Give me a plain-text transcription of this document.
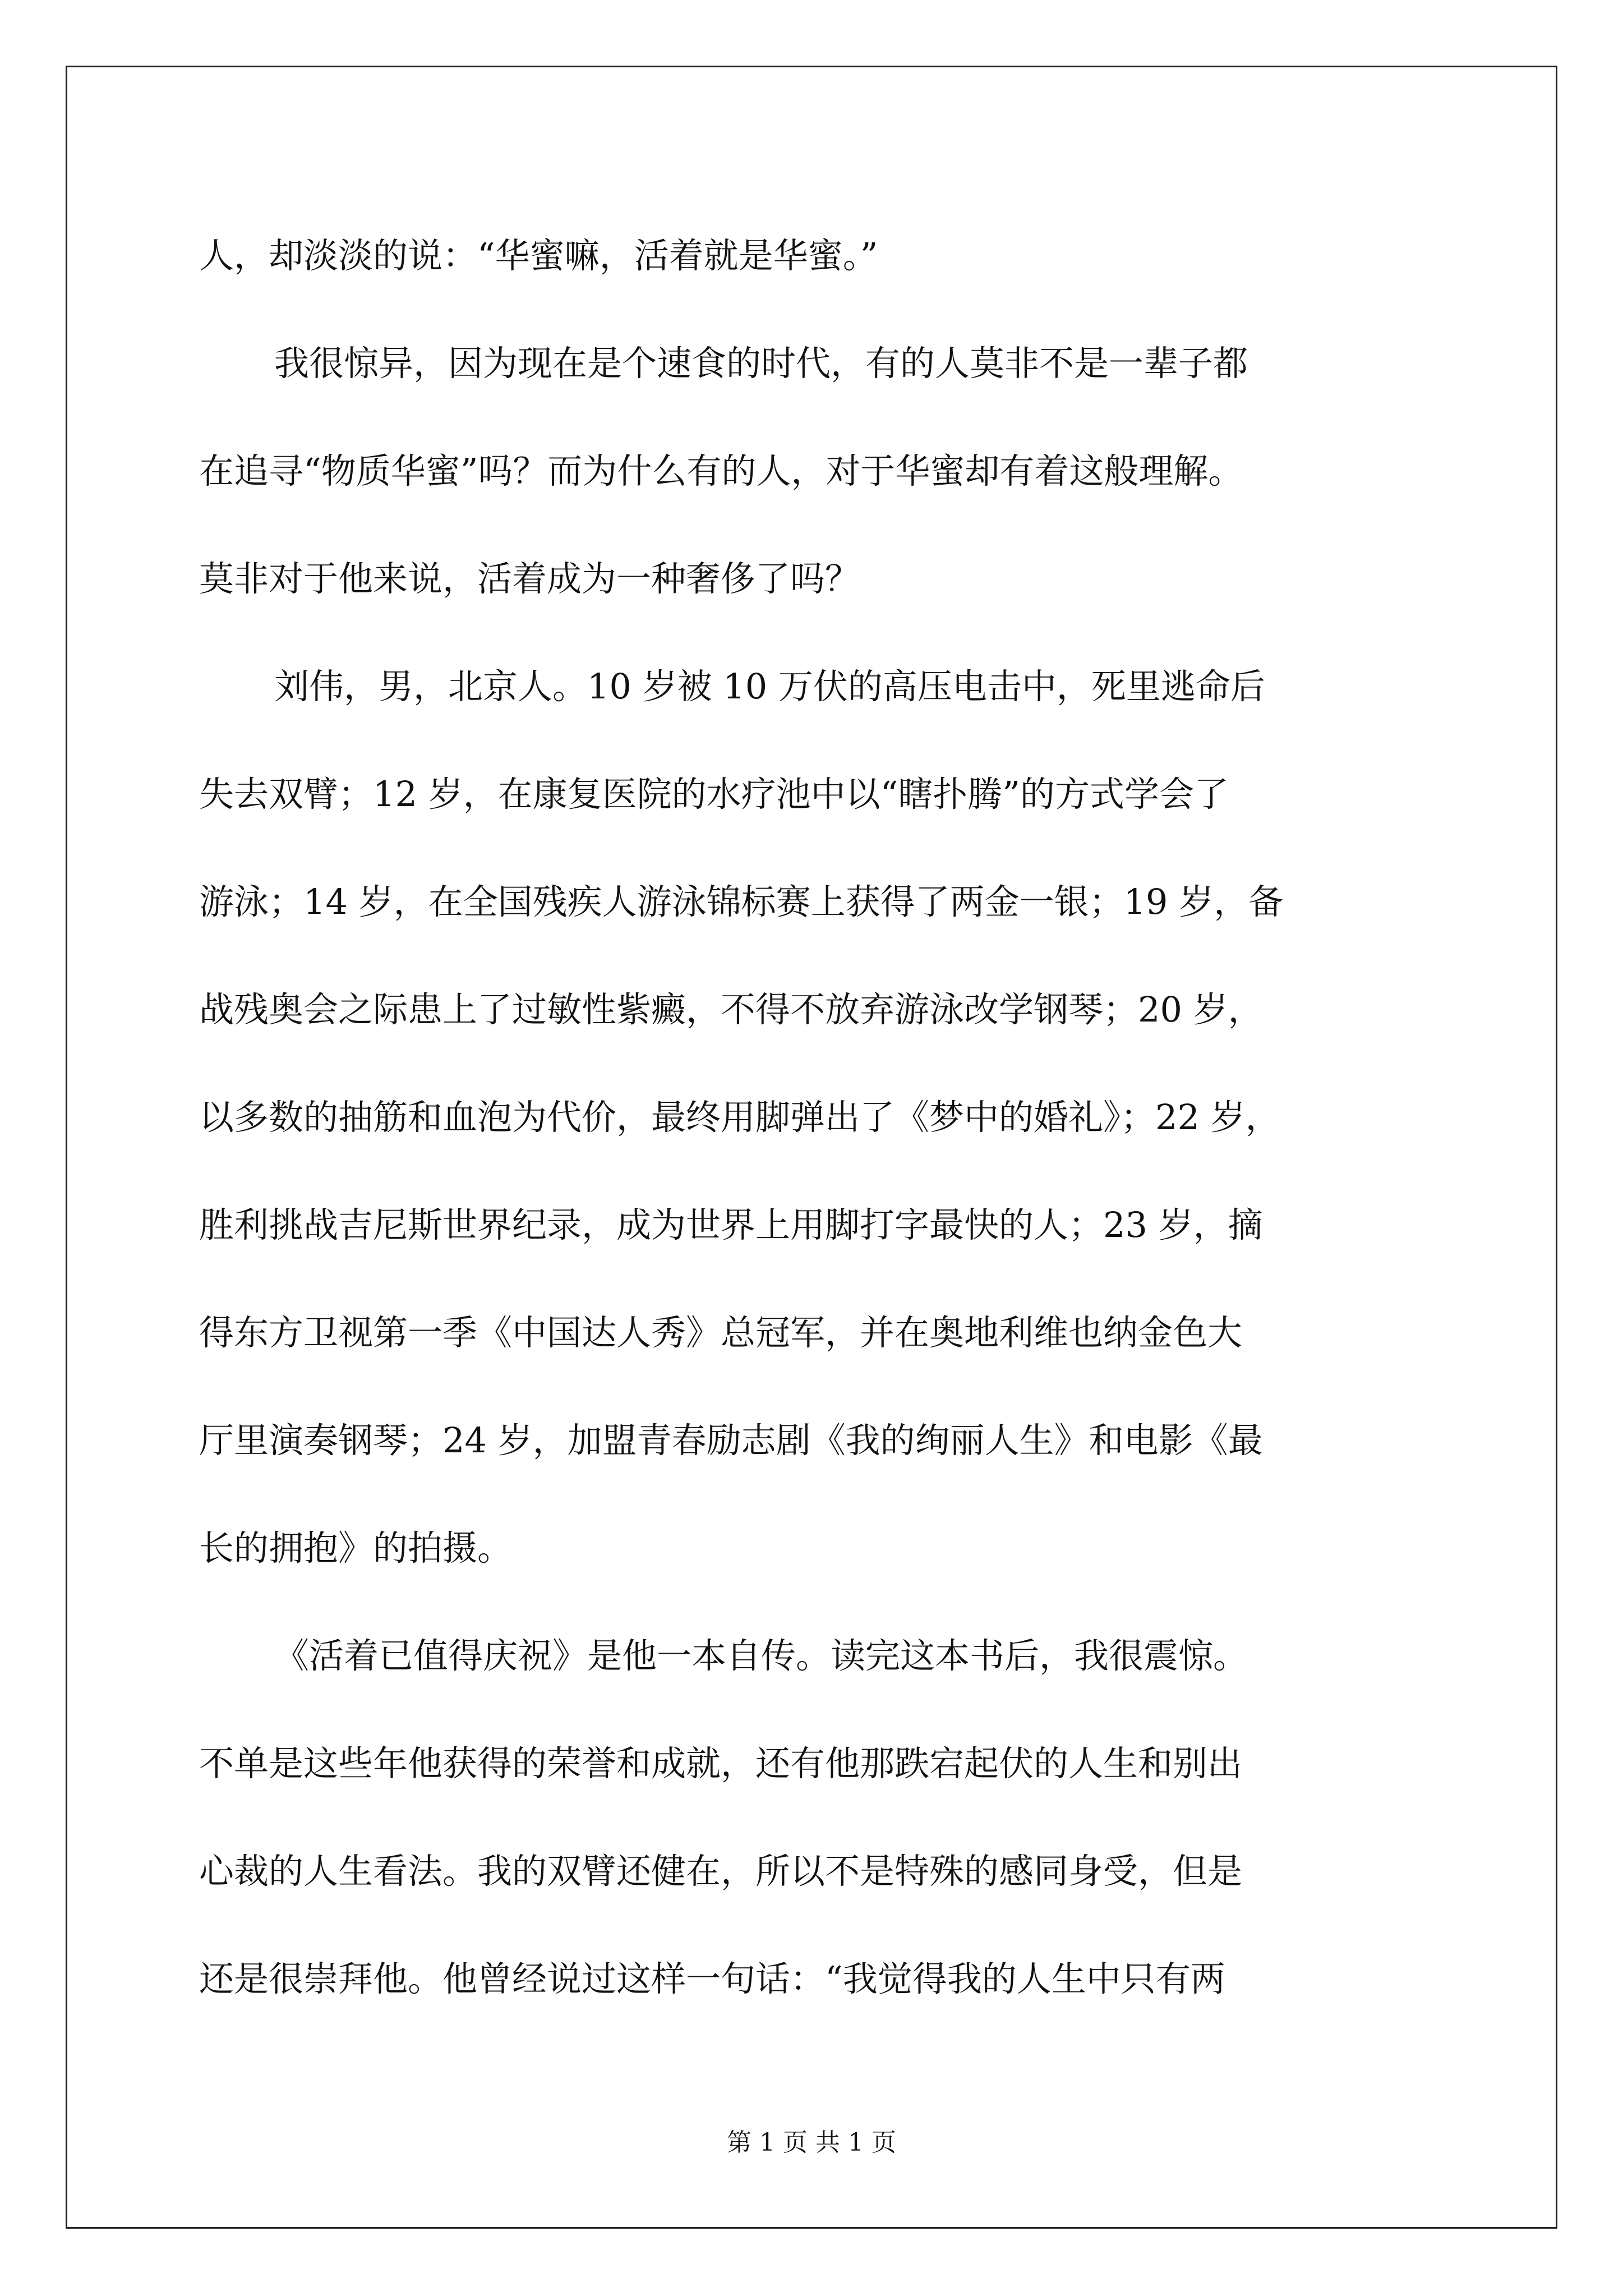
人，却淡淡的说：“华蜜嘛，活着就是华蜜。”

我很惊异，因为现在是个速食的时代，有的人莫非不是一辈子都
在追寻“物质华蜜”吗？而为什么有的人，对于华蜜却有着这般理解。
莫非对于他来说，活着成为一种奢侈了吗？

刘伟，男，北京人。10 岁被 10 万伏的高压电击中，死里逃命后
失去双臂；12 岁，在康复医院的水疗池中以“瞎扑腾”的方式学会了
游泳；14 岁，在全国残疾人游泳锦标赛上获得了两金一银；19 岁，备
战残奥会之际患上了过敏性紫癜，不得不放弃游泳改学钢琴；20 岁，
以多数的抽筋和血泡为代价，最终用脚弹出了《梦中的婚礼》；22 岁，
胜利挑战吉尼斯世界纪录，成为世界上用脚打字最快的人；23 岁，摘
得东方卫视第一季《中国达人秀》总冠军，并在奥地利维也纳金色大
厅里演奏钢琴；24 岁，加盟青春励志剧《我的绚丽人生》和电影《最
长的拥抱》的拍摄。

《活着已值得庆祝》是他一本自传。读完这本书后，我很震惊。
不单是这些年他获得的荣誉和成就，还有他那跌宕起伏的人生和别出
心裁的人生看法。我的双臂还健在，所以不是特殊的感同身受，但是
还是很崇拜他。他曾经说过这样一句话：“我觉得我的人生中只有两

第 1 页 共 1 页
